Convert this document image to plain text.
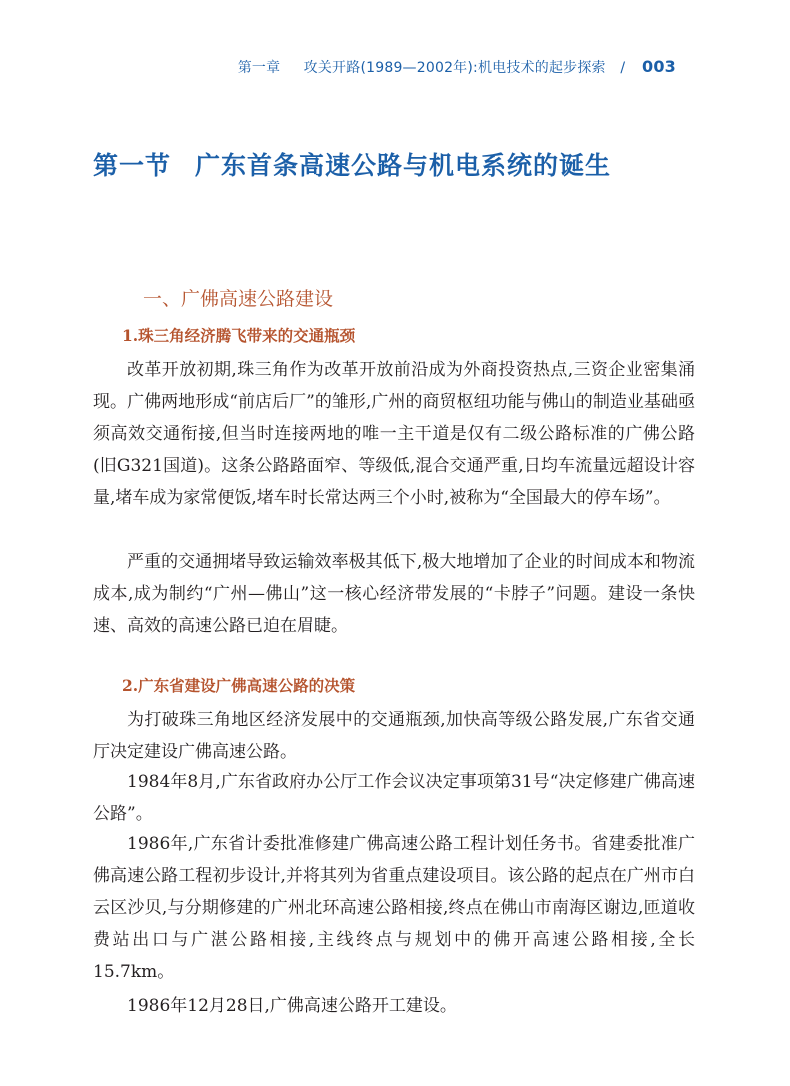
第一章 攻关开路(1989—2002年):机电技术的起步探索 / 003
第一节 广东首条高速公路与机电系统的诞生
一、广佛高速公路建设
1.珠三角经济腾飞带来的交通瓶颈

改革开放初期,珠三角作为改革开放前沿成为外商投资热点,三资企业密集涌现。广佛两地形成“前店后厂”的雏形,广州的商贸枢纽功能与佛山的制造业基础亟须高效交通衔接,但当时连接两地的唯一主干道是仅有二级公路标准的广佛公路(旧G321国道)。这条公路路面窄、等级低,混合交通严重,日均车流量远超设计容量,堵车成为家常便饭,堵车时长常达两三个小时,被称为“全国最大的停车场”。

严重的交通拥堵导致运输效率极其低下,极大地增加了企业的时间成本和物流成本,成为制约“广州—佛山”这一核心经济带发展的“卡脖子”问题。建设一条快速、高效的高速公路已迫在眉睫。

2.广东省建设广佛高速公路的决策

为打破珠三角地区经济发展中的交通瓶颈,加快高等级公路发展,广东省交通厅决定建设广佛高速公路。

1984年8月,广东省政府办公厅工作会议决定事项第31号“决定修建广佛高速公路”。

1986年,广东省计委批准修建广佛高速公路工程计划任务书。省建委批准广佛高速公路工程初步设计,并将其列为省重点建设项目。该公路的起点在广州市白云区沙贝,与分期修建的广州北环高速公路相接,终点在佛山市南海区谢边,匝道收费站出口与广湛公路相接,主线终点与规划中的佛开高速公路相接,全长15.7km。

1986年12月28日,广佛高速公路开工建设。
